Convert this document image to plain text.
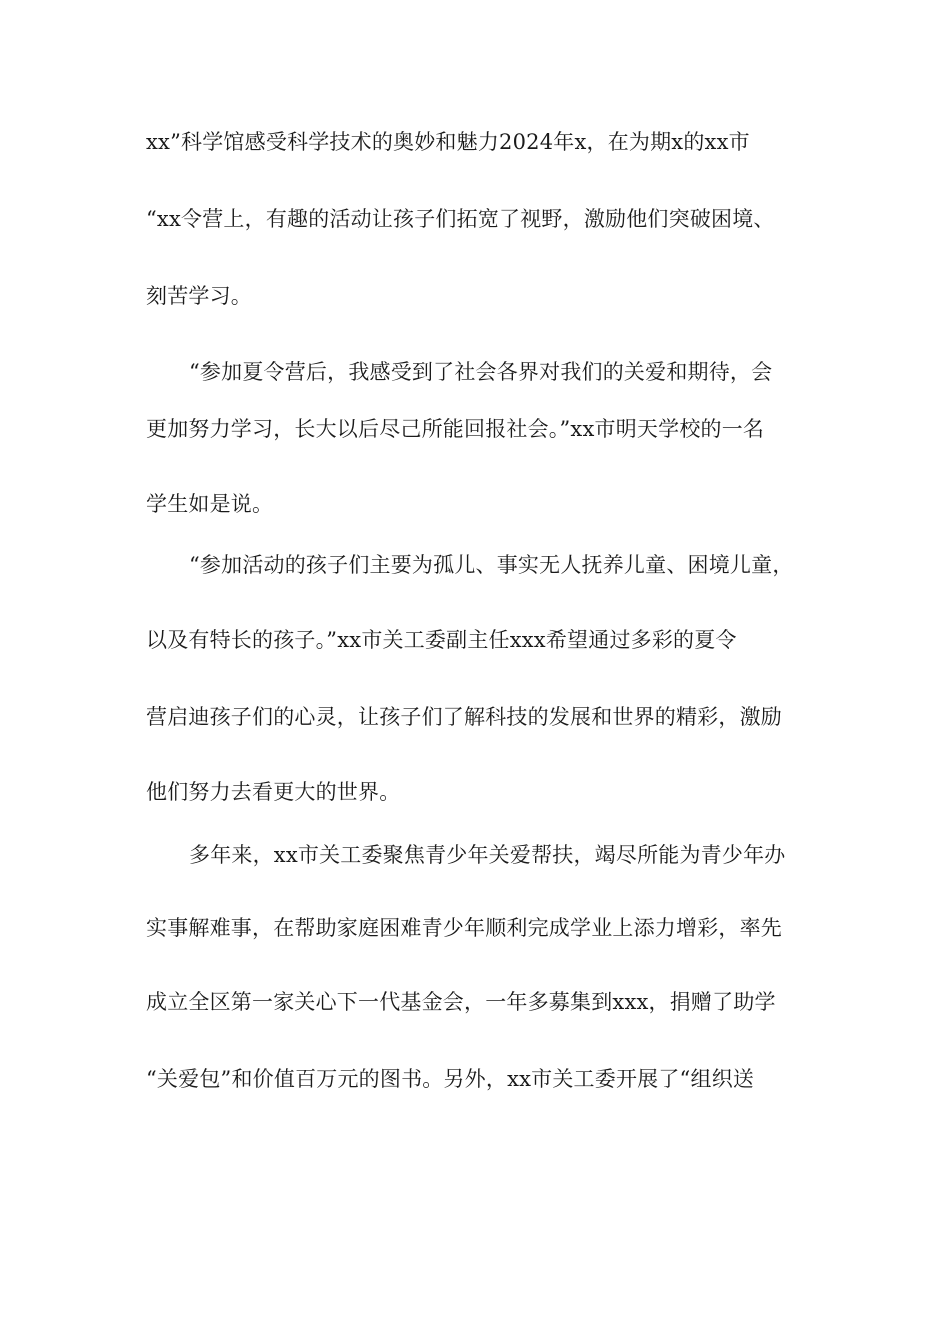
xx”科学馆感受科学技术的奥妙和魅力2024年x，在为期x的xx市
“xx令营上，有趣的活动让孩子们拓宽了视野，激励他们突破困境、
刻苦学习。
“参加夏令营后，我感受到了社会各界对我们的关爱和期待，会
更加努力学习，长大以后尽己所能回报社会。”xx市明天学校的一名
学生如是说。
“参加活动的孩子们主要为孤儿、事实无人抚养儿童、困境儿童，
以及有特长的孩子。”xx市关工委副主任xxx希望通过多彩的夏令
营启迪孩子们的心灵，让孩子们了解科技的发展和世界的精彩，激励
他们努力去看更大的世界。
多年来，xx市关工委聚焦青少年关爱帮扶，竭尽所能为青少年办
实事解难事，在帮助家庭困难青少年顺利完成学业上添力增彩，率先
成立全区第一家关心下一代基金会，一年多募集到xxx，捐赠了助学
“关爱包”和价值百万元的图书。另外，xx市关工委开展了“组织送
